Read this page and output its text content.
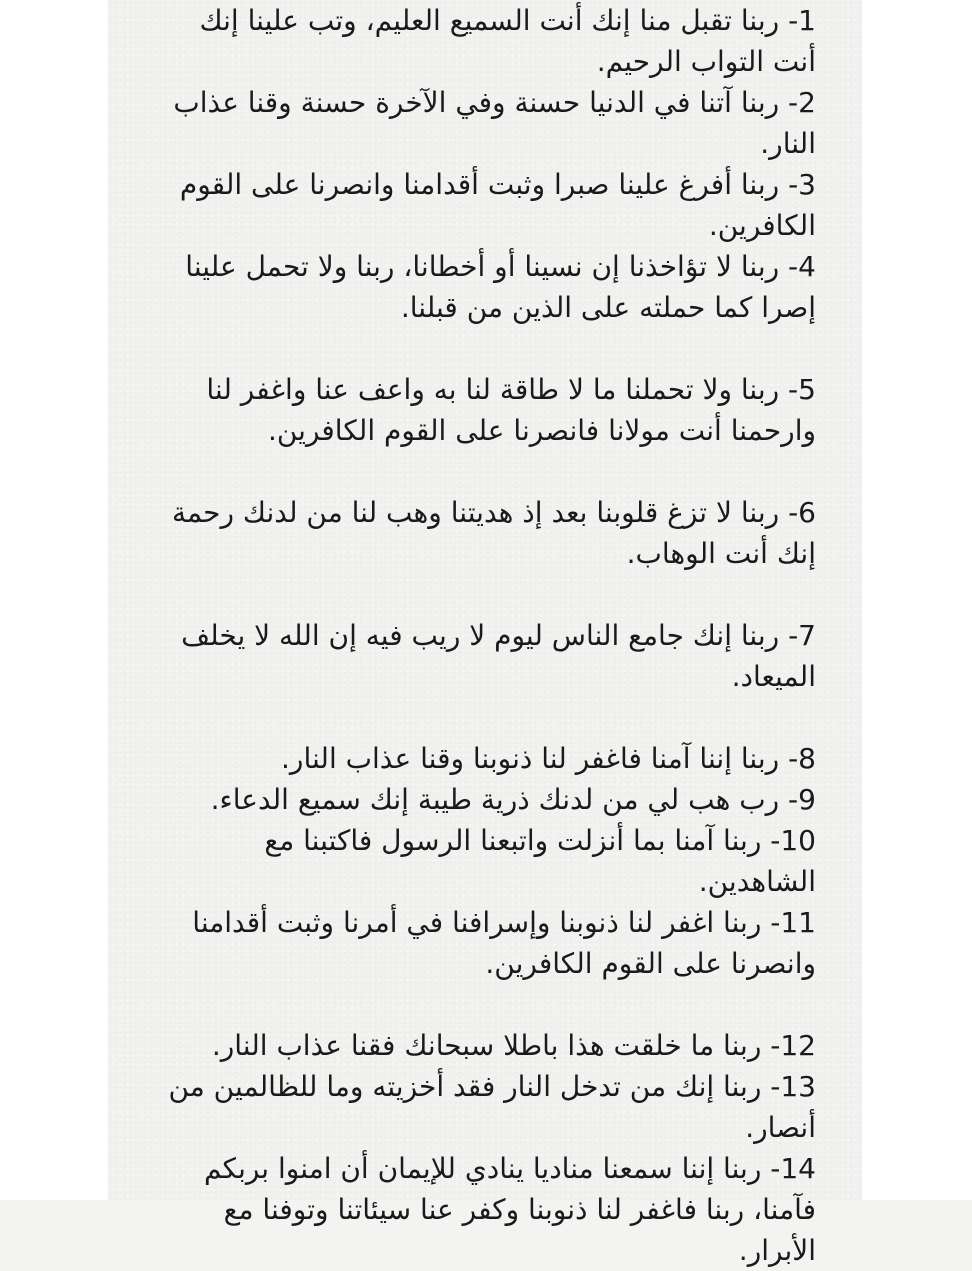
1- ربنا تقبل منا إنك أنت السميع العليم، وتب علينا إنك أنت التواب الرحيم.

2- ربنا آتنا في الدنيا حسنة وفي الآخرة حسنة وقنا عذاب النار.

3- ربنا أفرغ علينا صبرا وثبت أقدامنا وانصرنا على القوم الكافرين.

4- ربنا لا تؤاخذنا إن نسينا أو أخطانا، ربنا ولا تحمل علينا إصرا كما حملته على الذين من قبلنا.

5- ربنا ولا تحملنا ما لا طاقة لنا به واعف عنا واغفر لنا وارحمنا أنت مولانا فانصرنا على القوم الكافرين.

6- ربنا لا تزغ قلوبنا بعد إذ هديتنا وهب لنا من لدنك رحمة إنك أنت الوهاب.

7- ربنا إنك جامع الناس ليوم لا ريب فيه إن الله لا يخلف الميعاد.

8- ربنا إننا آمنا فاغفر لنا ذنوبنا وقنا عذاب النار.

9- رب هب لي من لدنك ذرية طيبة إنك سميع الدعاء.

10- ربنا آمنا بما أنزلت واتبعنا الرسول فاكتبنا مع الشاهدين.

11- ربنا اغفر لنا ذنوبنا وإسرافنا في أمرنا وثبت أقدامنا وانصرنا على القوم الكافرين.

12- ربنا ما خلقت هذا باطلا سبحانك فقنا عذاب النار.

13- ربنا إنك من تدخل النار فقد أخزيته وما للظالمين من أنصار.

14- ربنا إننا سمعنا مناديا ينادي للإيمان أن امنوا بربكم فآمنا، ربنا فاغفر لنا ذنوبنا وكفر عنا سيئاتنا وتوفنا مع الأبرار.
